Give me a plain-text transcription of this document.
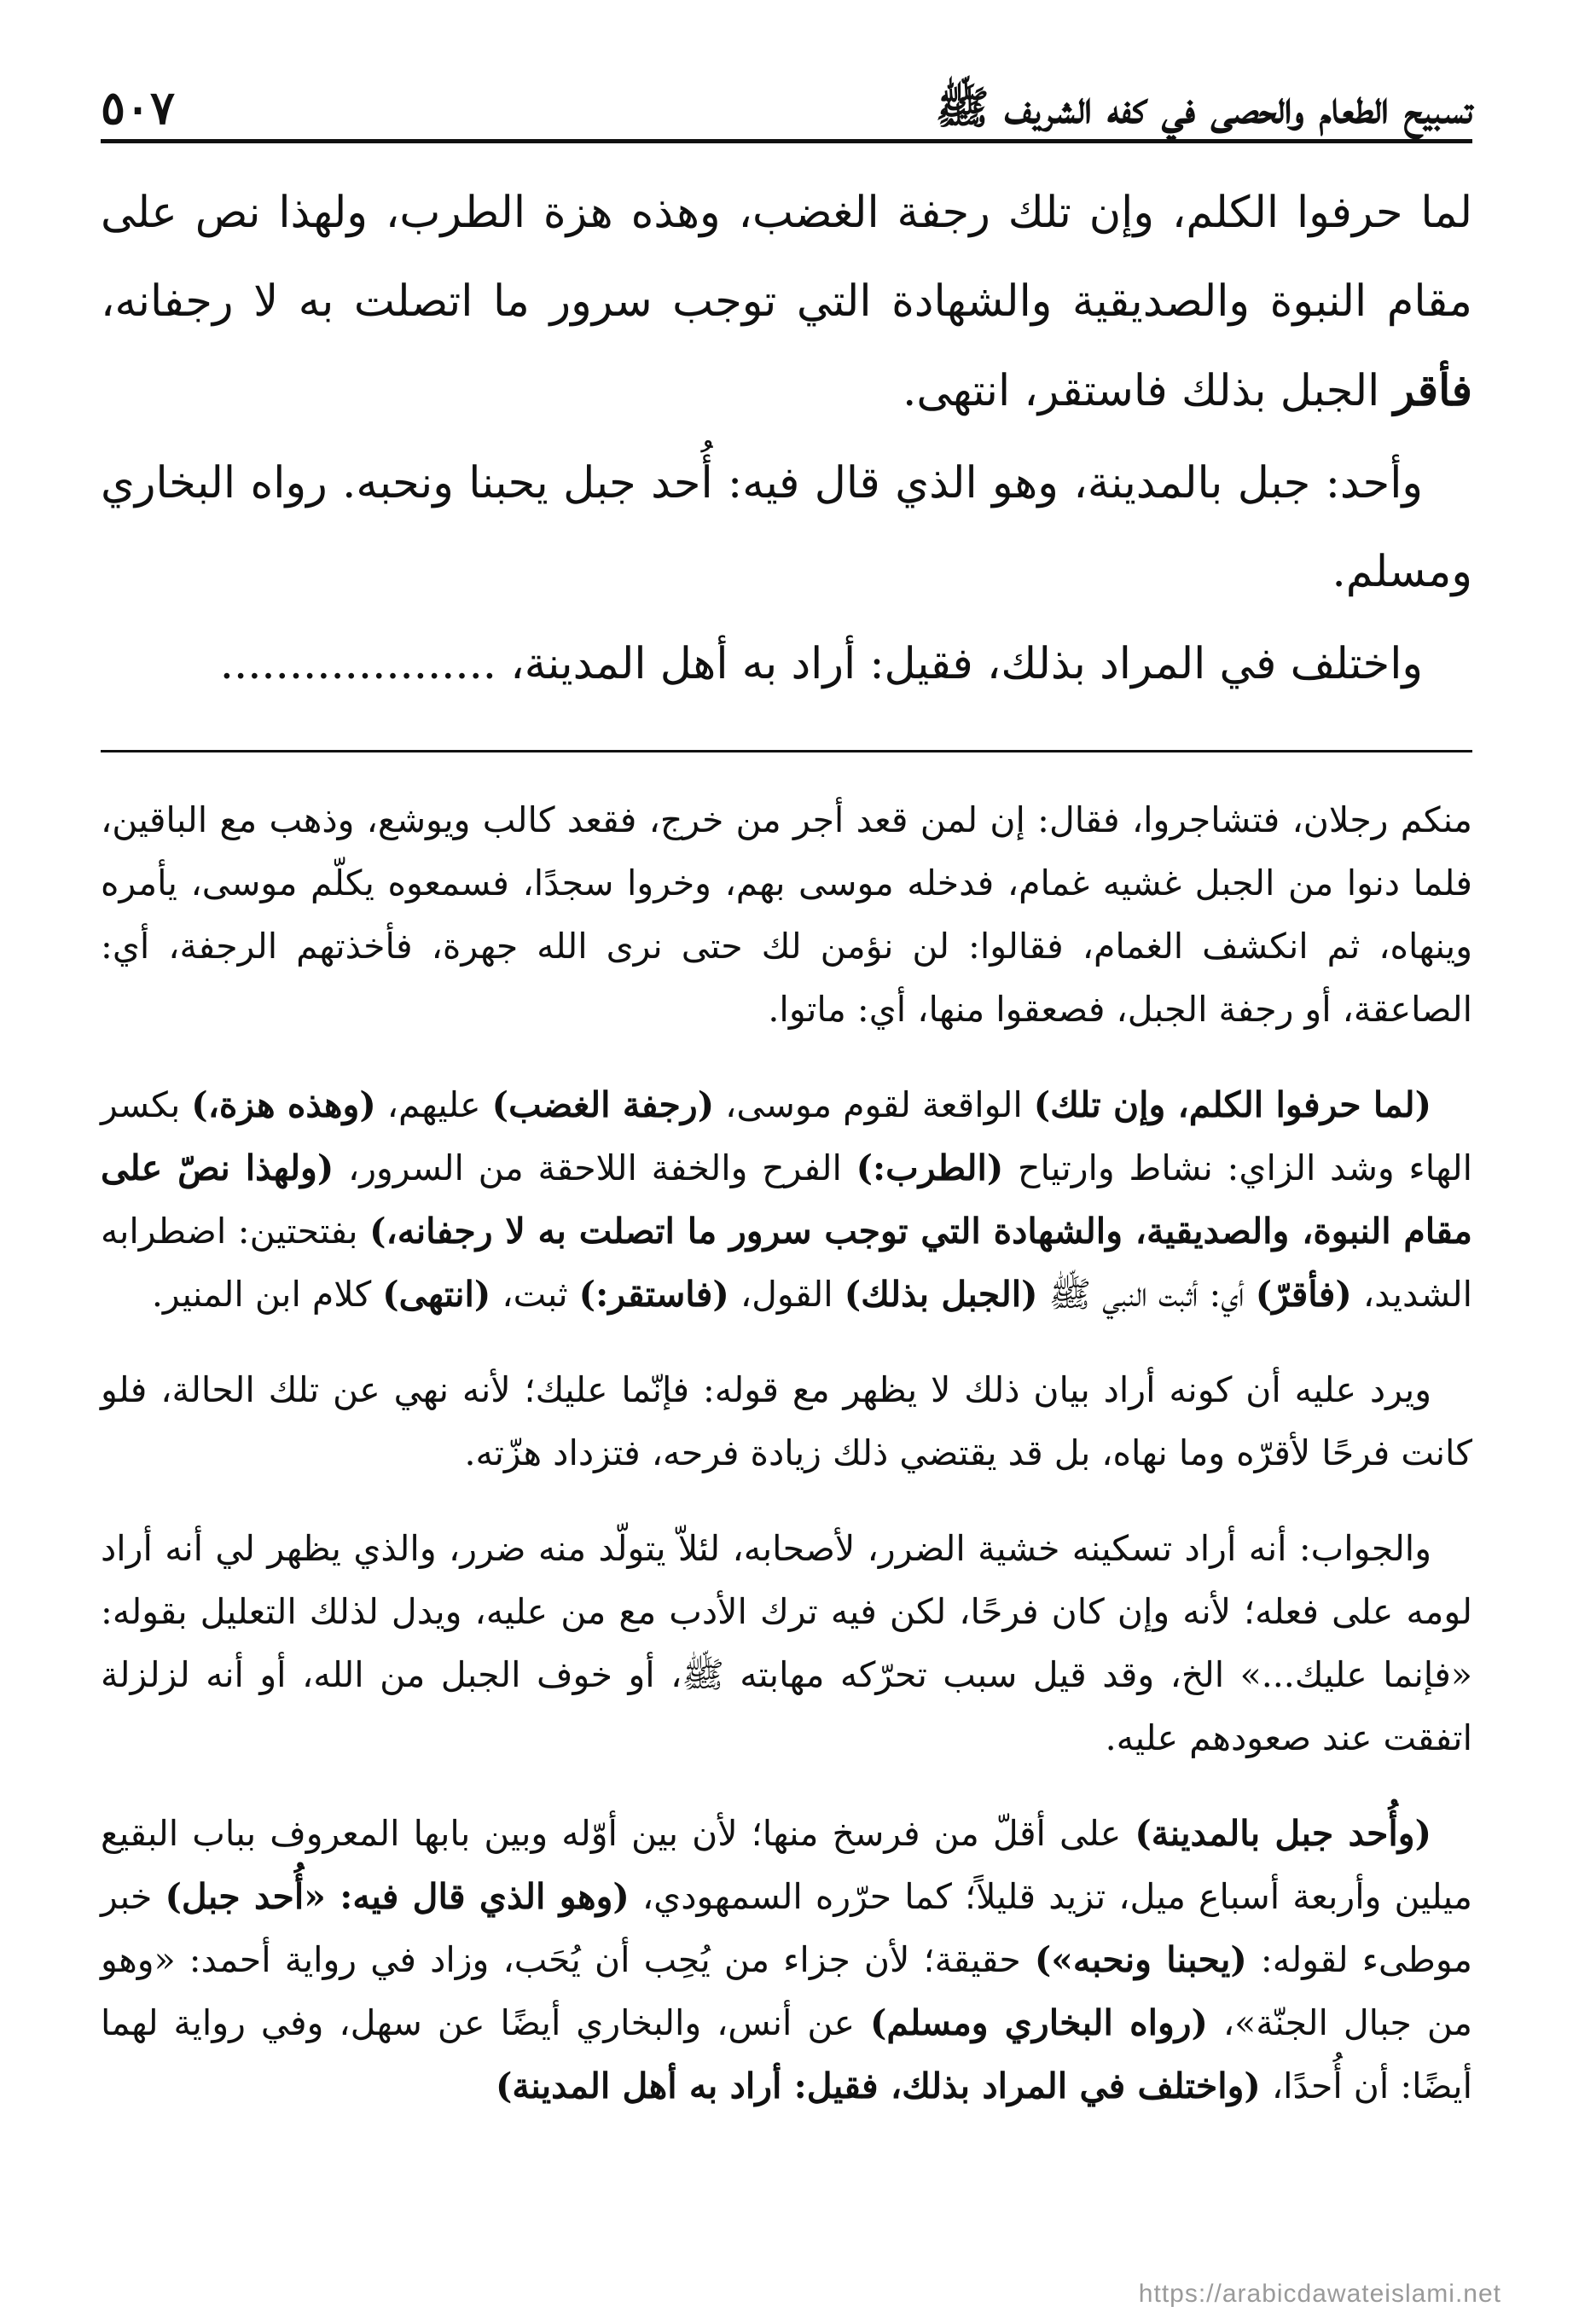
تسبيح الطعام والحصى في كفه الشريف ﷺ
٥٠٧

لما حرفوا الكلم، وإن تلك رجفة الغضب، وهذه هزة الطرب، ولهذا نص على مقام النبوة والصديقية والشهادة التي توجب سرور ما اتصلت به لا رجفانه، فأقر الجبل بذلك فاستقر، انتهى.

وأحد: جبل بالمدينة، وهو الذي قال فيه: أُحد جبل يحبنا ونحبه. رواه البخاري ومسلم.

واختلف في المراد بذلك، فقيل: أراد به أهل المدينة، ....................

منكم رجلان، فتشاجروا، فقال: إن لمن قعد أجر من خرج، فقعد كالب ويوشع، وذهب مع الباقين، فلما دنوا من الجبل غشيه غمام، فدخله موسى بهم، وخروا سجدًا، فسمعوه يكلّم موسى، يأمره وينهاه، ثم انكشف الغمام، فقالوا: لن نؤمن لك حتى نرى الله جهرة، فأخذتهم الرجفة، أي: الصاعقة، أو رجفة الجبل، فصعقوا منها، أي: ماتوا.

(لما حرفوا الكلم، وإن تلك) الواقعة لقوم موسى، (رجفة الغضب) عليهم، (وهذه هزة،) بكسر الهاء وشد الزاي: نشاط وارتياح (الطرب:) الفرح والخفة اللاحقة من السرور، (ولهذا نصّ على مقام النبوة، والصديقية، والشهادة التي توجب سرور ما اتصلت به لا رجفانه،) بفتحتين: اضطرابه الشديد، (فأقرّ) أي: أثبت النبي ﷺ (الجبل بذلك) القول، (فاستقر:) ثبت، (انتهى) كلام ابن المنير.

ويرد عليه أن كونه أراد بيان ذلك لا يظهر مع قوله: فإنّما عليك؛ لأنه نهي عن تلك الحالة، فلو كانت فرحًا لأقرّه وما نهاه، بل قد يقتضي ذلك زيادة فرحه، فتزداد هزّته.

والجواب: أنه أراد تسكينه خشية الضرر، لأصحابه، لئلاّ يتولّد منه ضرر، والذي يظهر لي أنه أراد لومه على فعله؛ لأنه وإن كان فرحًا، لكن فيه ترك الأدب مع من عليه، ويدل لذلك التعليل بقوله: «فإنما عليك...» الخ، وقد قيل سبب تحرّكه مهابته ﷺ، أو خوف الجبل من الله، أو أنه لزلزلة اتفقت عند صعودهم عليه.

(وأُحد جبل بالمدينة) على أقلّ من فرسخ منها؛ لأن بين أوّله وبين بابها المعروف بباب البقيع ميلين وأربعة أسباع ميل، تزيد قليلاً؛ كما حرّره السمهودي، (وهو الذي قال فيه: «أُحد جبل) خبر موطىء لقوله: (يحبنا ونحبه») حقيقة؛ لأن جزاء من يُحِب أن يُحَب، وزاد في رواية أحمد: «وهو من جبال الجنّة»، (رواه البخاري ومسلم) عن أنس، والبخاري أيضًا عن سهل، وفي رواية لهما أيضًا: أن أُحدًا، (واختلف في المراد بذلك، فقيل: أراد به أهل المدينة)

https://arabicdawateislami.net
